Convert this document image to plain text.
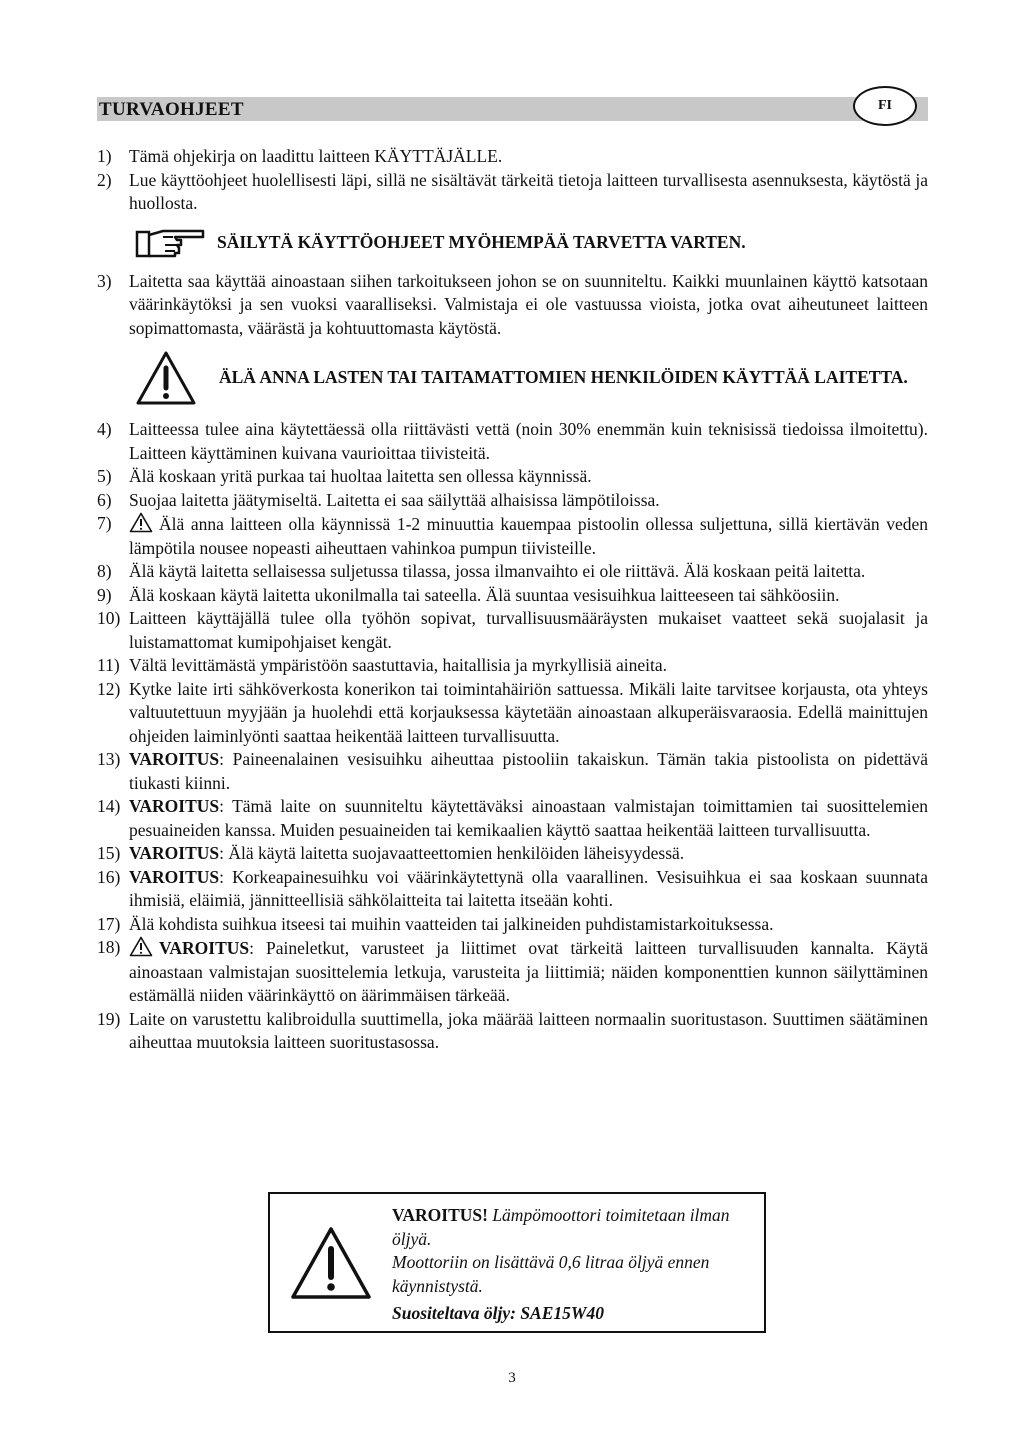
TURVAOHJEET	FI
1) Tämä ohjekirja on laadittu laitteen KÄYTTÄJÄLLE.
2) Lue käyttöohjeet huolellisesti läpi, sillä ne sisältävät tärkeitä tietoja laitteen turvallisesta asennuksesta, käytöstä ja huollosta.
SÄILYTÄ KÄYTTÖOHJEET MYÖHEMPÄÄ TARVETTA VARTEN.
3) Laitetta saa käyttää ainoastaan siihen tarkoitukseen johon se on suunniteltu. Kaikki muunlainen käyttö katsotaan väärinkäytöksi ja sen vuoksi vaaralliseksi. Valmistaja ei ole vastuussa vioista, jotka ovat aiheutuneet laitteen sopimattomasta, väärästä ja kohtuuttomasta käytöstä.
ÄLÄ ANNA LASTEN TAI TAITAMATTOMIEN HENKILÖIDEN KÄYTTÄÄ LAITETTA.
4) Laitteessa tulee aina käytettäessä olla riittävästi vettä (noin 30% enemmän kuin teknisissä tiedoissa ilmoitettu). Laitteen käyttäminen kuivana vaurioittaa tiivisteitä.
5) Älä koskaan yritä purkaa tai huoltaa laitetta sen ollessa käynnissä.
6) Suojaa laitetta jäätymiseltä. Laitetta ei saa säilyttää alhaisissa lämpötiloissa.
7)	Älä anna laitteen olla käynnissä 1-2 minuuttia kauempaa pistoolin ollessa suljettuna, sillä kiertävän veden lämpötila nousee nopeasti aiheuttaen vahinkoa pumpun tiivisteille.
8) Älä käytä laitetta sellaisessa suljetussa tilassa, jossa ilmanvaihto ei ole riittävä. Älä koskaan peitä laitetta.
9) Älä koskaan käytä laitetta ukonilmalla tai sateella. Älä suuntaa vesisuihkua laitteeseen tai sähköosiin.
10) Laitteen käyttäjällä tulee olla työhön sopivat, turvallisuusmääräysten mukaiset vaatteet sekä suojalasit ja luistamattomat kumipohjaiset kengät.
11) Vältä levittämästä ympäristöön saastuttavia, haitallisia ja myrkyllisiä aineita.
12) Kytke laite irti sähköverkosta konerikon tai toimintahäiriön sattuessa. Mikäli laite tarvitsee korjausta, ota yhteys valtuutettuun myyjään ja huolehdi että korjauksessa käytetään ainoastaan alkuperäisvaraosia. Edellä mainittujen ohjeiden laiminlyönti saattaa heikentää laitteen turvallisuutta.
13) VAROITUS: Paineenalainen vesisuihku aiheuttaa pistooliin takaiskun. Tämän takia pistoolista on pidettävä tiukasti kiinni.
14) VAROITUS: Tämä laite on suunniteltu käytettäväksi ainoastaan valmistajan toimittamien tai suosittelemien pesuaineiden kanssa. Muiden pesuaineiden tai kemikaalien käyttö saattaa heikentää laitteen turvallisuutta.
15) VAROITUS: Älä käytä laitetta suojavaatteettomien henkilöiden läheisyydessä.
16) VAROITUS: Korkeapainesuihku voi väärinkäytettynä olla vaarallinen. Vesisuihkua ei saa koskaan suunnata ihmisiä, eläimiä, jännitteellisiä sähkölaitteita tai laitetta itseään kohti.
17) Älä kohdista suihkua itseesi tai muihin vaatteiden tai jalkineiden puhdistamistarkoituksessa.
18)	VAROITUS: Paineletkut, varusteet ja liittimet ovat tärkeitä laitteen turvallisuuden kannalta. Käytä ainoastaan valmistajan suosittelemia letkuja, varusteita ja liittimiä; näiden komponenttien kunnon säilyttäminen estämällä niiden väärinkäyttö on äärimmäisen tärkeää.
19) Laite on varustettu kalibroidulla suuttimella, joka määrää laitteen normaalin suoritustason. Suuttimen säätäminen aiheuttaa muutoksia laitteen suoritustasossa.
VAROITUS! Lämpömoottori toimitetaan ilman öljyä.
Moottoriin on lisättävä 0,6 litraa öljyä ennen käynnistystä.
Suositeltava öljy: SAE15W40
3
